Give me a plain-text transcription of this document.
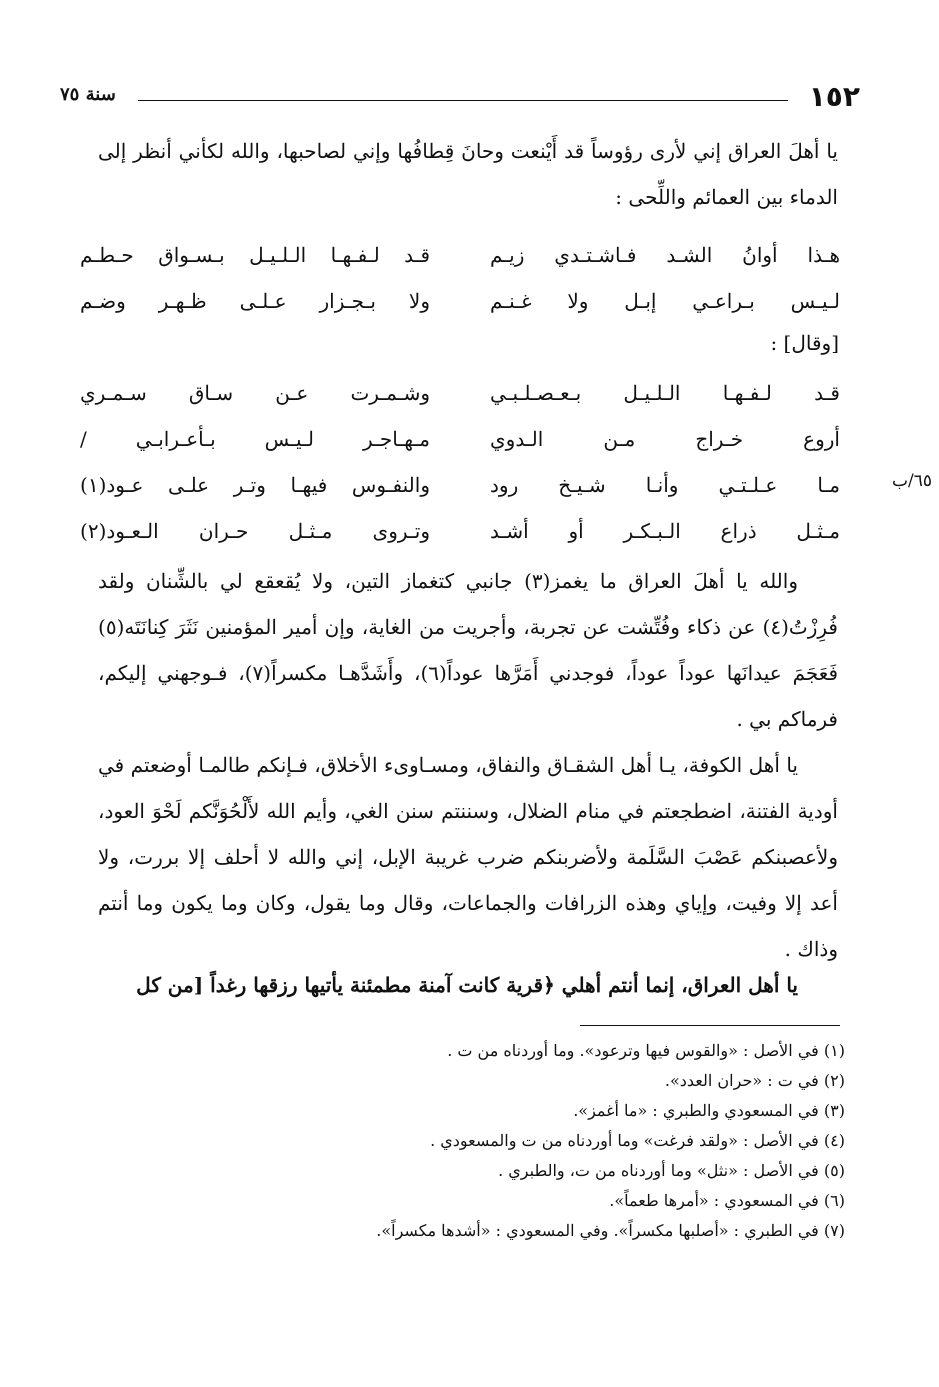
١٥٢
سنة ٧٥

يا أهلَ العراق إني لأرى رؤوساً قد أَيْنعت وحانَ قِطافُها وإني لصاحبها، والله لكأني أنظر إلى الدماء بين العمائم واللِّحى :

هـذا أوانُ الشـد فـاشـتـدي زيـم
قـد لـفـهـا الـلـيـل بـسـواق حـطـم
لـيـس بـراعـي إبـل ولا غـنـم
ولا بـجـزار عـلـى ظـهـر وضـم
[وقال] :
قـد لـفـهـا الـلـيـل بـعـصـلـبـي
وشـمـرت عـن سـاق سـمـري
أروع خـراج مـن الـدوي
مـهـاجـر لـيـس بـأعـرابـي /
مـا عـلـتـي وأنـا شـيـخ رود
والنفـوس فيهـا وتـر علـى عـود(١)
مـثـل ذراع الـبـكـر أو أشـد
وتـروى مـثـل حـران الـعـود(٢)
٦٥/ب

والله يا أهلَ العراق ما يغمز(٣) جانبي كتغماز التين، ولا يُقعقع لي بالشِّنان ولقد فُرِزْتُ(٤) عن ذكاء وفُتِّشت عن تجربة، وأجريت من الغاية، وإن أمير المؤمنين نَثَرَ كِنانَتَه(٥) فَعَجَمَ عيدانَها عوداً عوداً، فوجدني أَمَرَّها عوداً(٦)، وأَشَدَّهـا مكسراً(٧)، فـوجهني إليكم، فرماكم بي .

يا أهل الكوفة، يـا أهل الشقـاق والنفاق، ومسـاوىء الأخلاق، فـإنكم طالمـا أوضعتم في أودية الفتنة، اضطجعتم في منام الضلال، وسننتم سنن الغي، وأيم الله لأَلْحُوَنَّكم لَحْوَ العود، ولأعصبنكم عَصْبَ السَّلَمة ولأضربنكم ضرب غريبة الإبل، إني والله لا أحلف إلا بررت، ولا أعد إلا وفيت، وإياي وهذه الزرافات والجماعات، وقال وما يقول، وكان وما يكون وما أنتم وذاك .

يا أهل العراق، إنما أنتم أهلي ﴿قرية كانت آمنة مطمئنة يأتيها رزقها رغداً [من كل

(١) في الأصل : «والقوس فيها وترعود». وما أوردناه من ت .
(٢) في ت : «حران العدد».
(٣) في المسعودي والطبري : «ما أغمز».
(٤) في الأصل : «ولقد فرغت» وما أوردناه من ت والمسعودي .
(٥) في الأصل : «نثل» وما أوردناه من ت، والطبري .
(٦) في المسعودي : «أمرها طعماً».
(٧) في الطبري : «أصلبها مكسراً». وفي المسعودي : «أشدها مكسراً».
